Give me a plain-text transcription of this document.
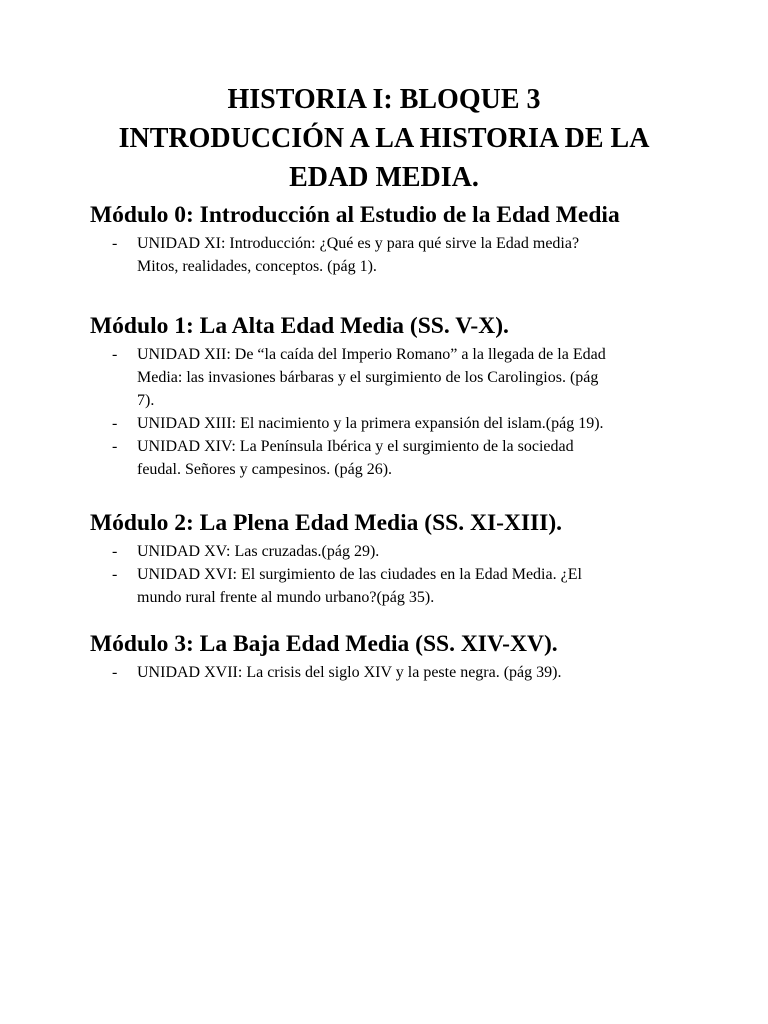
HISTORIA I: BLOQUE 3
INTRODUCCIÓN A LA HISTORIA DE LA
EDAD MEDIA.
Módulo 0: Introducción al Estudio de la Edad Media
- UNIDAD XI: Introducción: ¿Qué es y para qué sirve la Edad media?
Mitos, realidades, conceptos. (pág 1).
Módulo 1: La Alta Edad Media (SS. V-X).
- UNIDAD XII: De “la caída del Imperio Romano” a la llegada de la Edad
Media: las invasiones bárbaras y el surgimiento de los Carolingios. (pág
7).
- UNIDAD XIII: El nacimiento y la primera expansión del islam.(pág 19).
- UNIDAD XIV: La Península Ibérica y el surgimiento de la sociedad
feudal. Señores y campesinos. (pág 26).
Módulo 2: La Plena Edad Media (SS. XI-XIII).
- UNIDAD XV: Las cruzadas.(pág 29).
- UNIDAD XVI: El surgimiento de las ciudades en la Edad Media. ¿El
mundo rural frente al mundo urbano?(pág 35).
Módulo 3: La Baja Edad Media (SS. XIV-XV).
- UNIDAD XVII: La crisis del siglo XIV y la peste negra. (pág 39).
